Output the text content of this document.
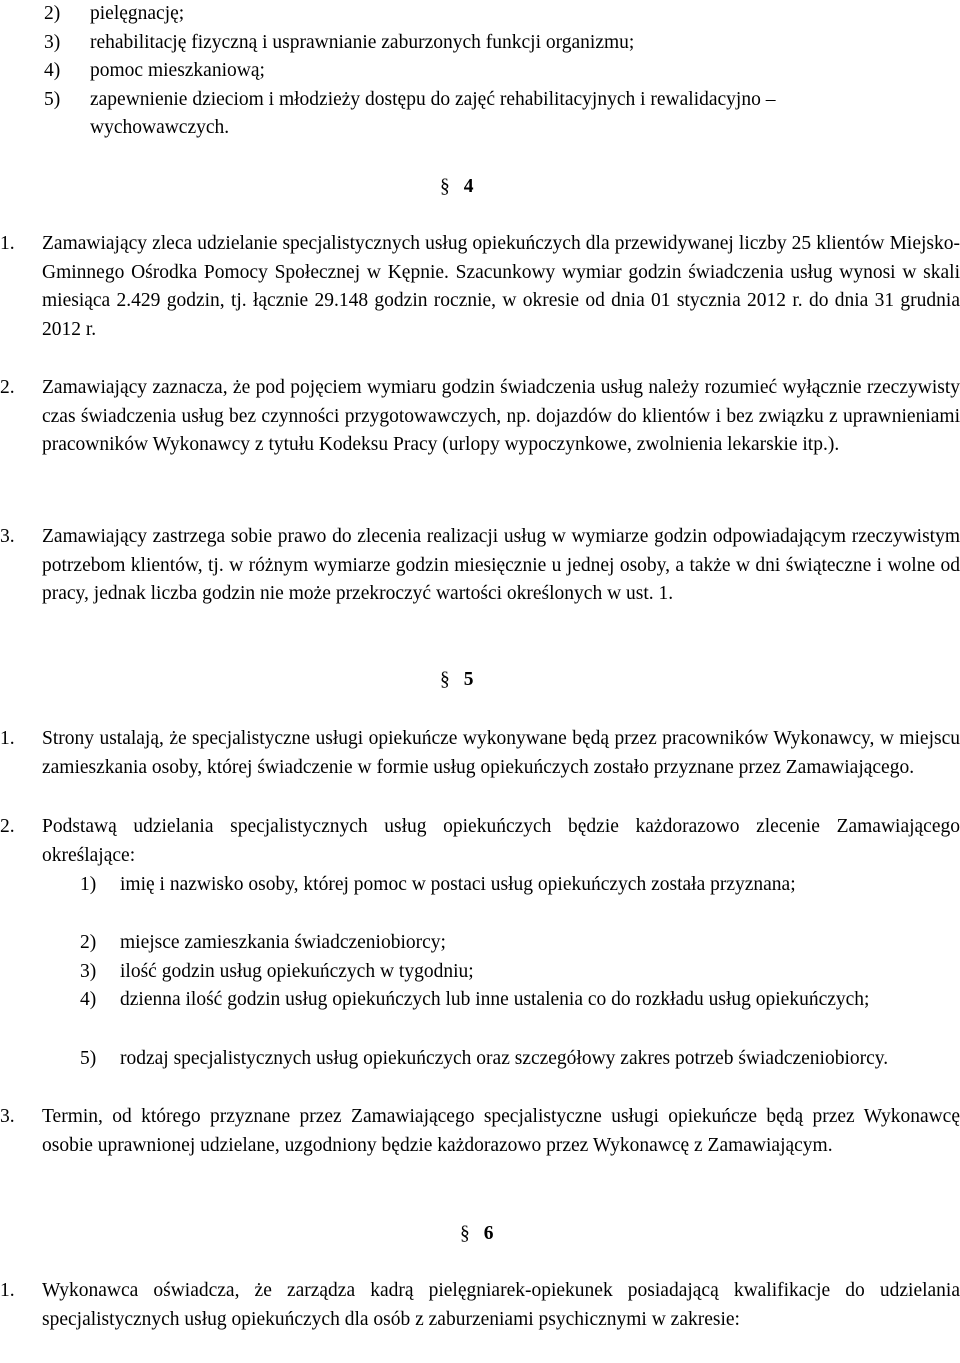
2)	pielęgnację;
3)	rehabilitację fizyczną i usprawnianie zaburzonych funkcji organizmu;
4)	pomoc mieszkaniową;
5)	zapewnienie dzieciom i młodzieży dostępu do zajęć rehabilitacyjnych i rewalidacyjno – wychowawczych.
§ 4
1.	Zamawiający zleca udzielanie specjalistycznych usług opiekuńczych dla przewidywanej liczby 25 klientów Miejsko-Gminnego Ośrodka Pomocy Społecznej w Kępnie. Szacunkowy wymiar godzin świadczenia usług wynosi w skali miesiąca 2.429 godzin, tj. łącznie 29.148 godzin rocznie, w okresie od dnia 01 stycznia 2012 r. do dnia 31 grudnia 2012 r.
2.	Zamawiający zaznacza, że pod pojęciem wymiaru godzin świadczenia usług należy rozumieć wyłącznie rzeczywisty czas świadczenia usług bez czynności przygotowawczych, np. dojazdów do klientów i bez związku z uprawnieniami pracowników Wykonawcy z tytułu Kodeksu Pracy (urlopy wypoczynkowe, zwolnienia lekarskie itp.).
3.	Zamawiający zastrzega sobie prawo do zlecenia realizacji usług w wymiarze godzin odpowiadającym rzeczywistym potrzebom klientów, tj. w różnym wymiarze godzin miesięcznie u jednej osoby, a także w dni świąteczne i wolne od pracy, jednak liczba godzin nie może przekroczyć wartości określonych w ust. 1.
§ 5
1.	Strony ustalają, że specjalistyczne usługi opiekuńcze wykonywane będą przez pracowników Wykonawcy, w miejscu zamieszkania osoby, której świadczenie w formie usług opiekuńczych zostało przyznane przez Zamawiającego.
2.	Podstawą udzielania specjalistycznych usług opiekuńczych będzie każdorazowo zlecenie Zamawiającego określające:
1)	imię i nazwisko osoby, której pomoc w postaci usług opiekuńczych została przyznana;
2)	miejsce zamieszkania świadczeniobiorcy;
3)	ilość godzin usług opiekuńczych w tygodniu;
4)	dzienna ilość godzin usług opiekuńczych lub inne ustalenia co do rozkładu usług opiekuńczych;
5)	rodzaj specjalistycznych usług opiekuńczych oraz szczegółowy zakres potrzeb świadczeniobiorcy.
3.	Termin, od którego przyznane przez Zamawiającego specjalistyczne usługi opiekuńcze będą przez Wykonawcę osobie uprawnionej udzielane, uzgodniony będzie każdorazowo przez Wykonawcę z Zamawiającym.
§ 6
1.	Wykonawca oświadcza, że zarządza kadrą pielęgniarek-opiekunek posiadającą kwalifikacje do udzielania specjalistycznych usług opiekuńczych dla osób z zaburzeniami psychicznymi w zakresie:
